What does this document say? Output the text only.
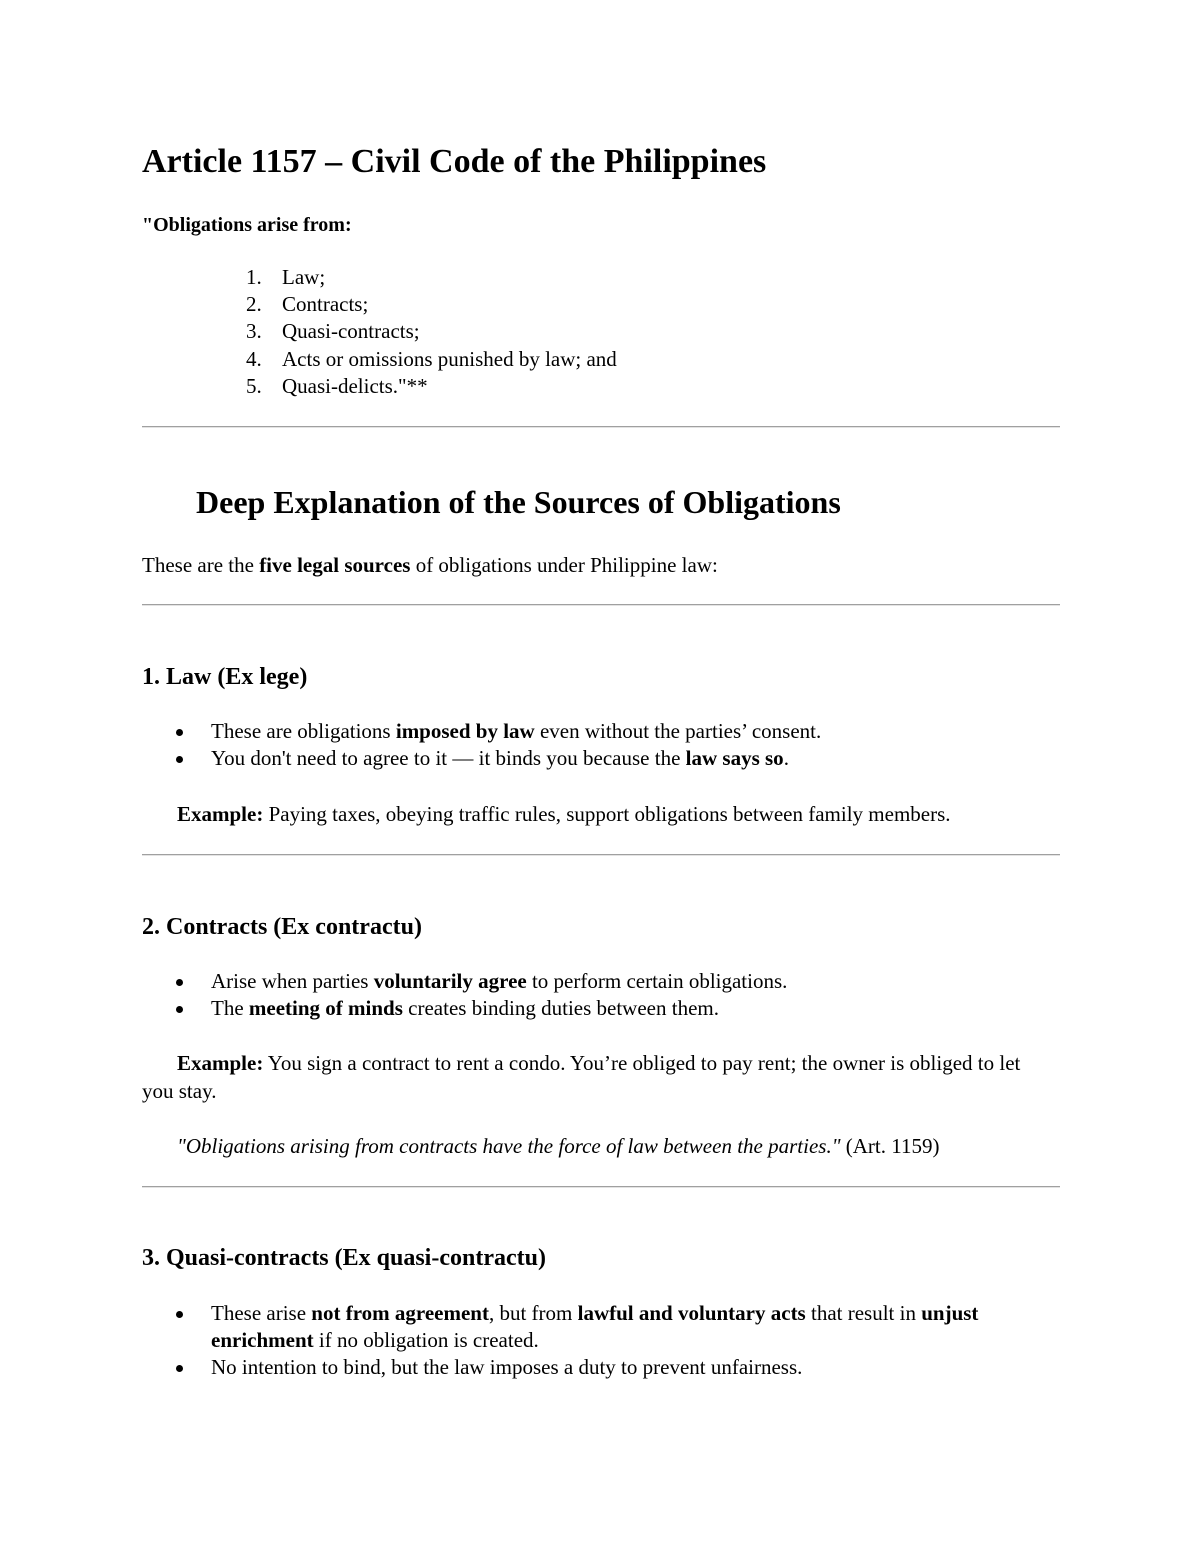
Article 1157 – Civil Code of the Philippines
"Obligations arise from:
1. Law;
2. Contracts;
3. Quasi-contracts;
4. Acts or omissions punished by law; and
5. Quasi-delicts."**
Deep Explanation of the Sources of Obligations
These are the five legal sources of obligations under Philippine law:
1. Law (Ex lege)
These are obligations imposed by law even without the parties’ consent.
You don't need to agree to it — it binds you because the law says so.
Example: Paying taxes, obeying traffic rules, support obligations between family members.
2. Contracts (Ex contractu)
Arise when parties voluntarily agree to perform certain obligations.
The meeting of minds creates binding duties between them.
Example: You sign a contract to rent a condo. You’re obliged to pay rent; the owner is obliged to let you stay.
"Obligations arising from contracts have the force of law between the parties." (Art. 1159)
3. Quasi-contracts (Ex quasi-contractu)
These arise not from agreement, but from lawful and voluntary acts that result in unjust enrichment if no obligation is created.
No intention to bind, but the law imposes a duty to prevent unfairness.
